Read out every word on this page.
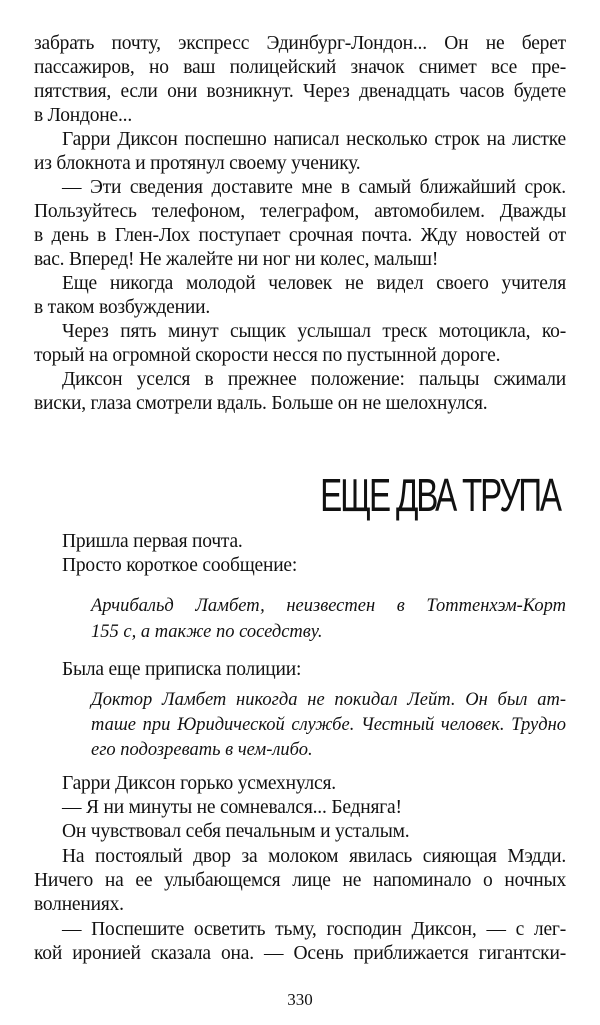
забрать почту, экспресс Эдинбург-Лондон... Он не берет
пассажиров, но ваш полицейский значок снимет все пре-
пятствия, если они возникнут. Через двенадцать часов будете
в Лондоне...
Гарри Диксон поспешно написал несколько строк на листке
из блокнота и протянул своему ученику.
— Эти сведения доставите мне в самый ближайший срок.
Пользуйтесь телефоном, телеграфом, автомобилем. Дважды
в день в Глен-Лох поступает срочная почта. Жду новостей от
вас. Вперед! Не жалейте ни ног ни колес, малыш!
Еще никогда молодой человек не видел своего учителя
в таком возбуждении.
Через пять минут сыщик услышал треск мотоцикла, ко-
торый на огромной скорости несся по пустынной дороге.
Диксон уселся в прежнее положение: пальцы сжимали
виски, глаза смотрели вдаль. Больше он не шелохнулся.
ЕЩЕ ДВА ТРУПА
Пришла первая почта.
Просто короткое сообщение:
Арчибальд Ламбет, неизвестен в Тоттенхэм-Корт
155 с, а также по соседству.
Была еще приписка полиции:
Доктор Ламбет никогда не покидал Лейт. Он был ат-
таше при Юридической службе. Честный человек. Трудно
его подозревать в чем-либо.
Гарри Диксон горько усмехнулся.
— Я ни минуты не сомневался... Бедняга!
Он чувствовал себя печальным и усталым.
На постоялый двор за молоком явилась сияющая Мэдди.
Ничего на ее улыбающемся лице не напоминало о ночных
волнениях.
— Поспешите осветить тьму, господин Диксон, — с лег-
кой иронией сказала она. — Осень приближается гигантски-
330
